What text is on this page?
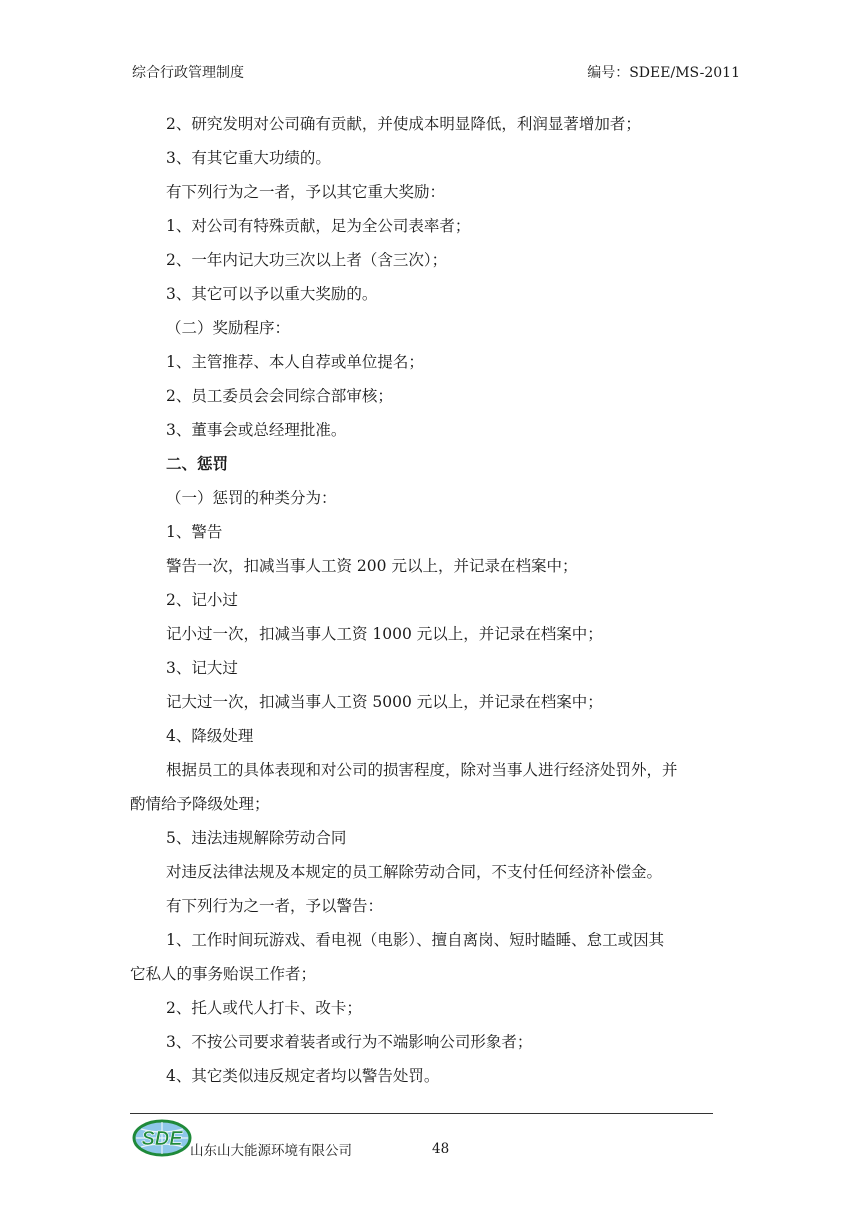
综合行政管理制度	编号：SDEE/MS-2011
2、研究发明对公司确有贡献，并使成本明显降低，利润显著增加者；
3、有其它重大功绩的。
有下列行为之一者，予以其它重大奖励：
1、对公司有特殊贡献，足为全公司表率者；
2、一年内记大功三次以上者（含三次）；
3、其它可以予以重大奖励的。
（二）奖励程序：
1、主管推荐、本人自荐或单位提名；
2、员工委员会会同综合部审核；
3、董事会或总经理批准。
二、惩罚
（一）惩罚的种类分为：
1、警告
警告一次，扣减当事人工资 200 元以上，并记录在档案中；
2、记小过
记小过一次，扣减当事人工资 1000 元以上，并记录在档案中；
3、记大过
记大过一次，扣减当事人工资 5000 元以上，并记录在档案中；
4、降级处理
根据员工的具体表现和对公司的损害程度，除对当事人进行经济处罚外，并
酌情给予降级处理；
5、违法违规解除劳动合同
对违反法律法规及本规定的员工解除劳动合同，不支付任何经济补偿金。
有下列行为之一者，予以警告：
1、工作时间玩游戏、看电视（电影）、擅自离岗、短时瞌睡、怠工或因其
它私人的事务贻误工作者；
2、托人或代人打卡、改卡；
3、不按公司要求着装者或行为不端影响公司形象者；
4、其它类似违反规定者均以警告处罚。
SDE
山东山大能源环境有限公司	48
